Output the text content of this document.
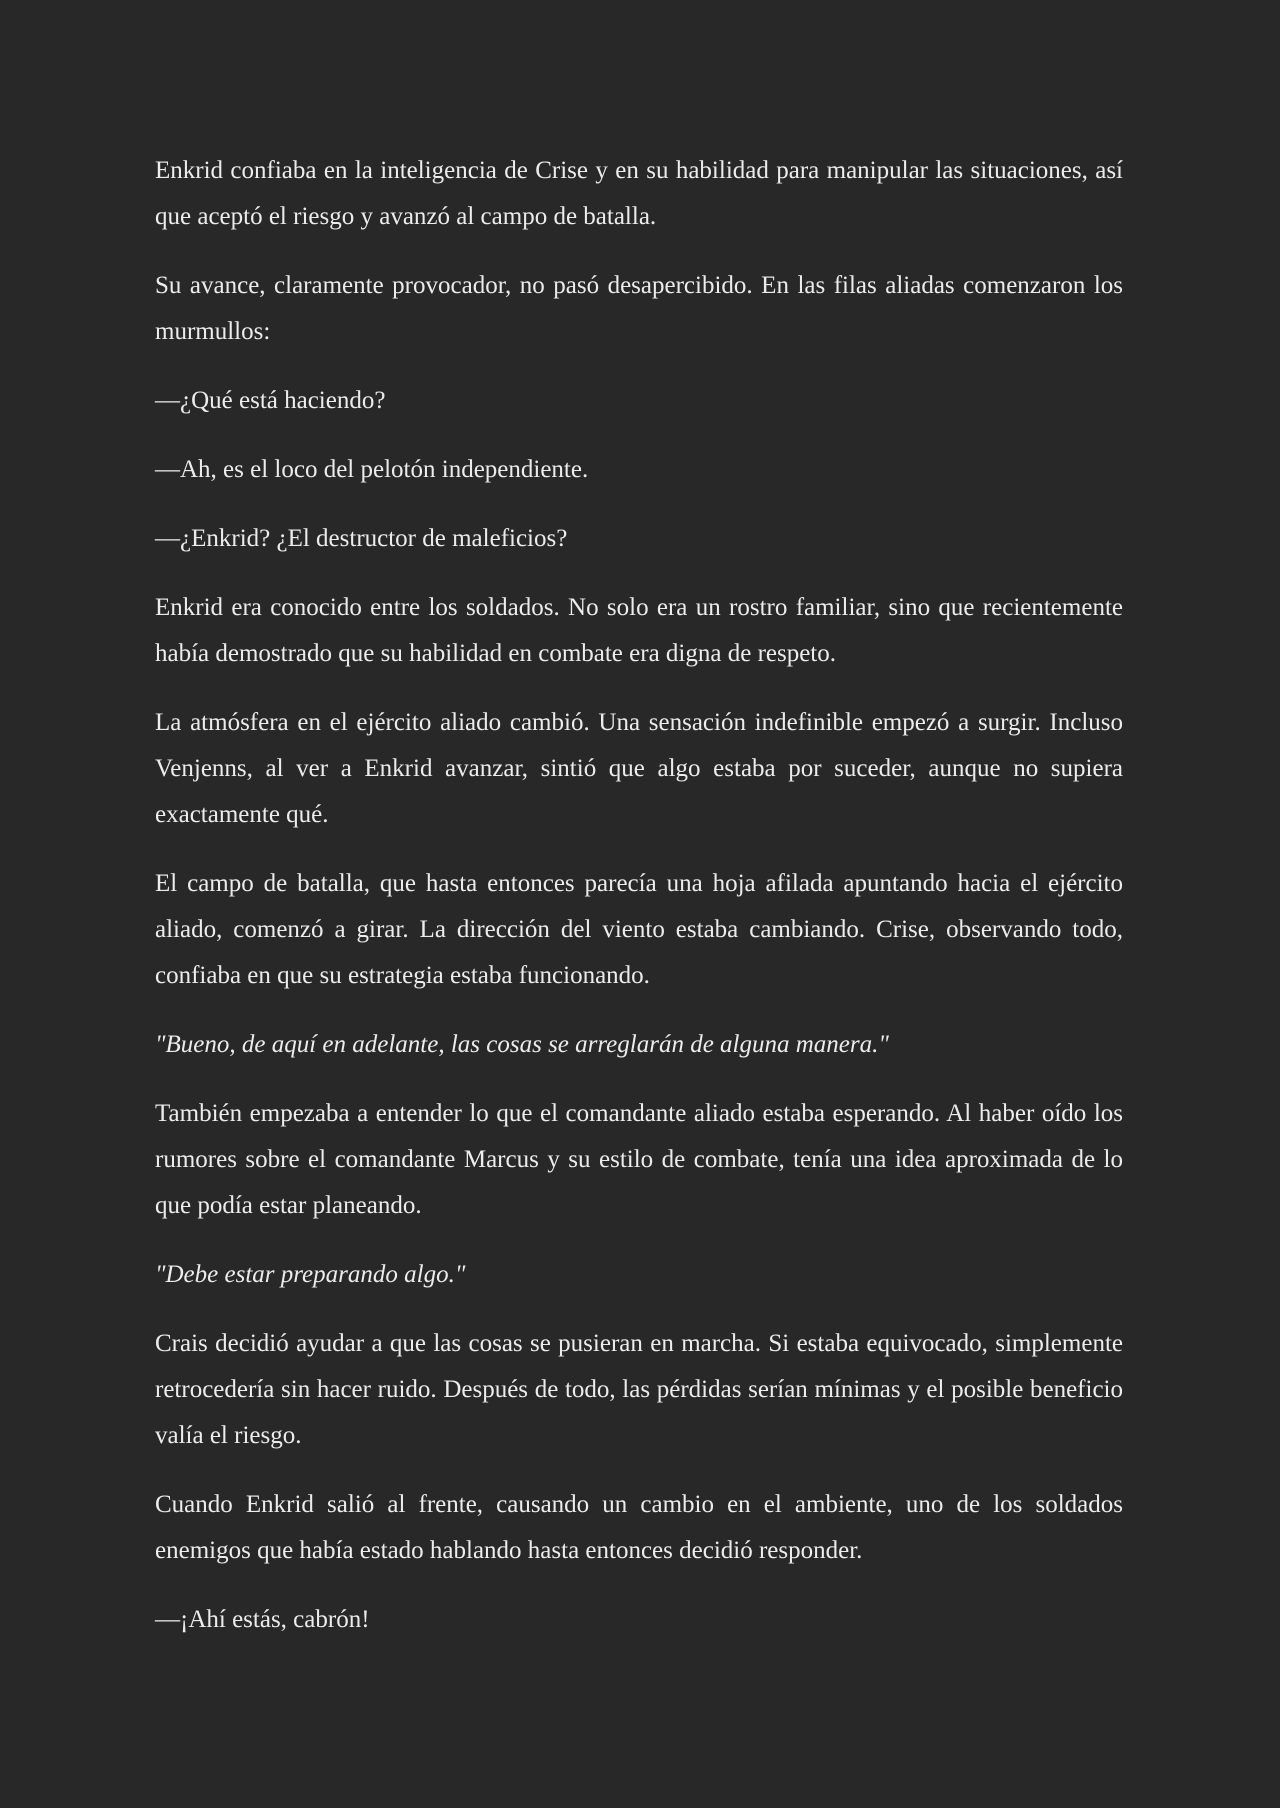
Enkrid confiaba en la inteligencia de Crise y en su habilidad para manipular las situaciones, así que aceptó el riesgo y avanzó al campo de batalla.

Su avance, claramente provocador, no pasó desapercibido. En las filas aliadas comenzaron los murmullos:

—¿Qué está haciendo?

—Ah, es el loco del pelotón independiente.

—¿Enkrid? ¿El destructor de maleficios?

Enkrid era conocido entre los soldados. No solo era un rostro familiar, sino que recientemente había demostrado que su habilidad en combate era digna de respeto.

La atmósfera en el ejército aliado cambió. Una sensación indefinible empezó a surgir. Incluso Venjenns, al ver a Enkrid avanzar, sintió que algo estaba por suceder, aunque no supiera exactamente qué.

El campo de batalla, que hasta entonces parecía una hoja afilada apuntando hacia el ejército aliado, comenzó a girar. La dirección del viento estaba cambiando. Crise, observando todo, confiaba en que su estrategia estaba funcionando.

"Bueno, de aquí en adelante, las cosas se arreglarán de alguna manera."

También empezaba a entender lo que el comandante aliado estaba esperando. Al haber oído los rumores sobre el comandante Marcus y su estilo de combate, tenía una idea aproximada de lo que podía estar planeando.

"Debe estar preparando algo."

Crais decidió ayudar a que las cosas se pusieran en marcha. Si estaba equivocado, simplemente retrocedería sin hacer ruido. Después de todo, las pérdidas serían mínimas y el posible beneficio valía el riesgo.

Cuando Enkrid salió al frente, causando un cambio en el ambiente, uno de los soldados enemigos que había estado hablando hasta entonces decidió responder.

—¡Ahí estás, cabrón!
